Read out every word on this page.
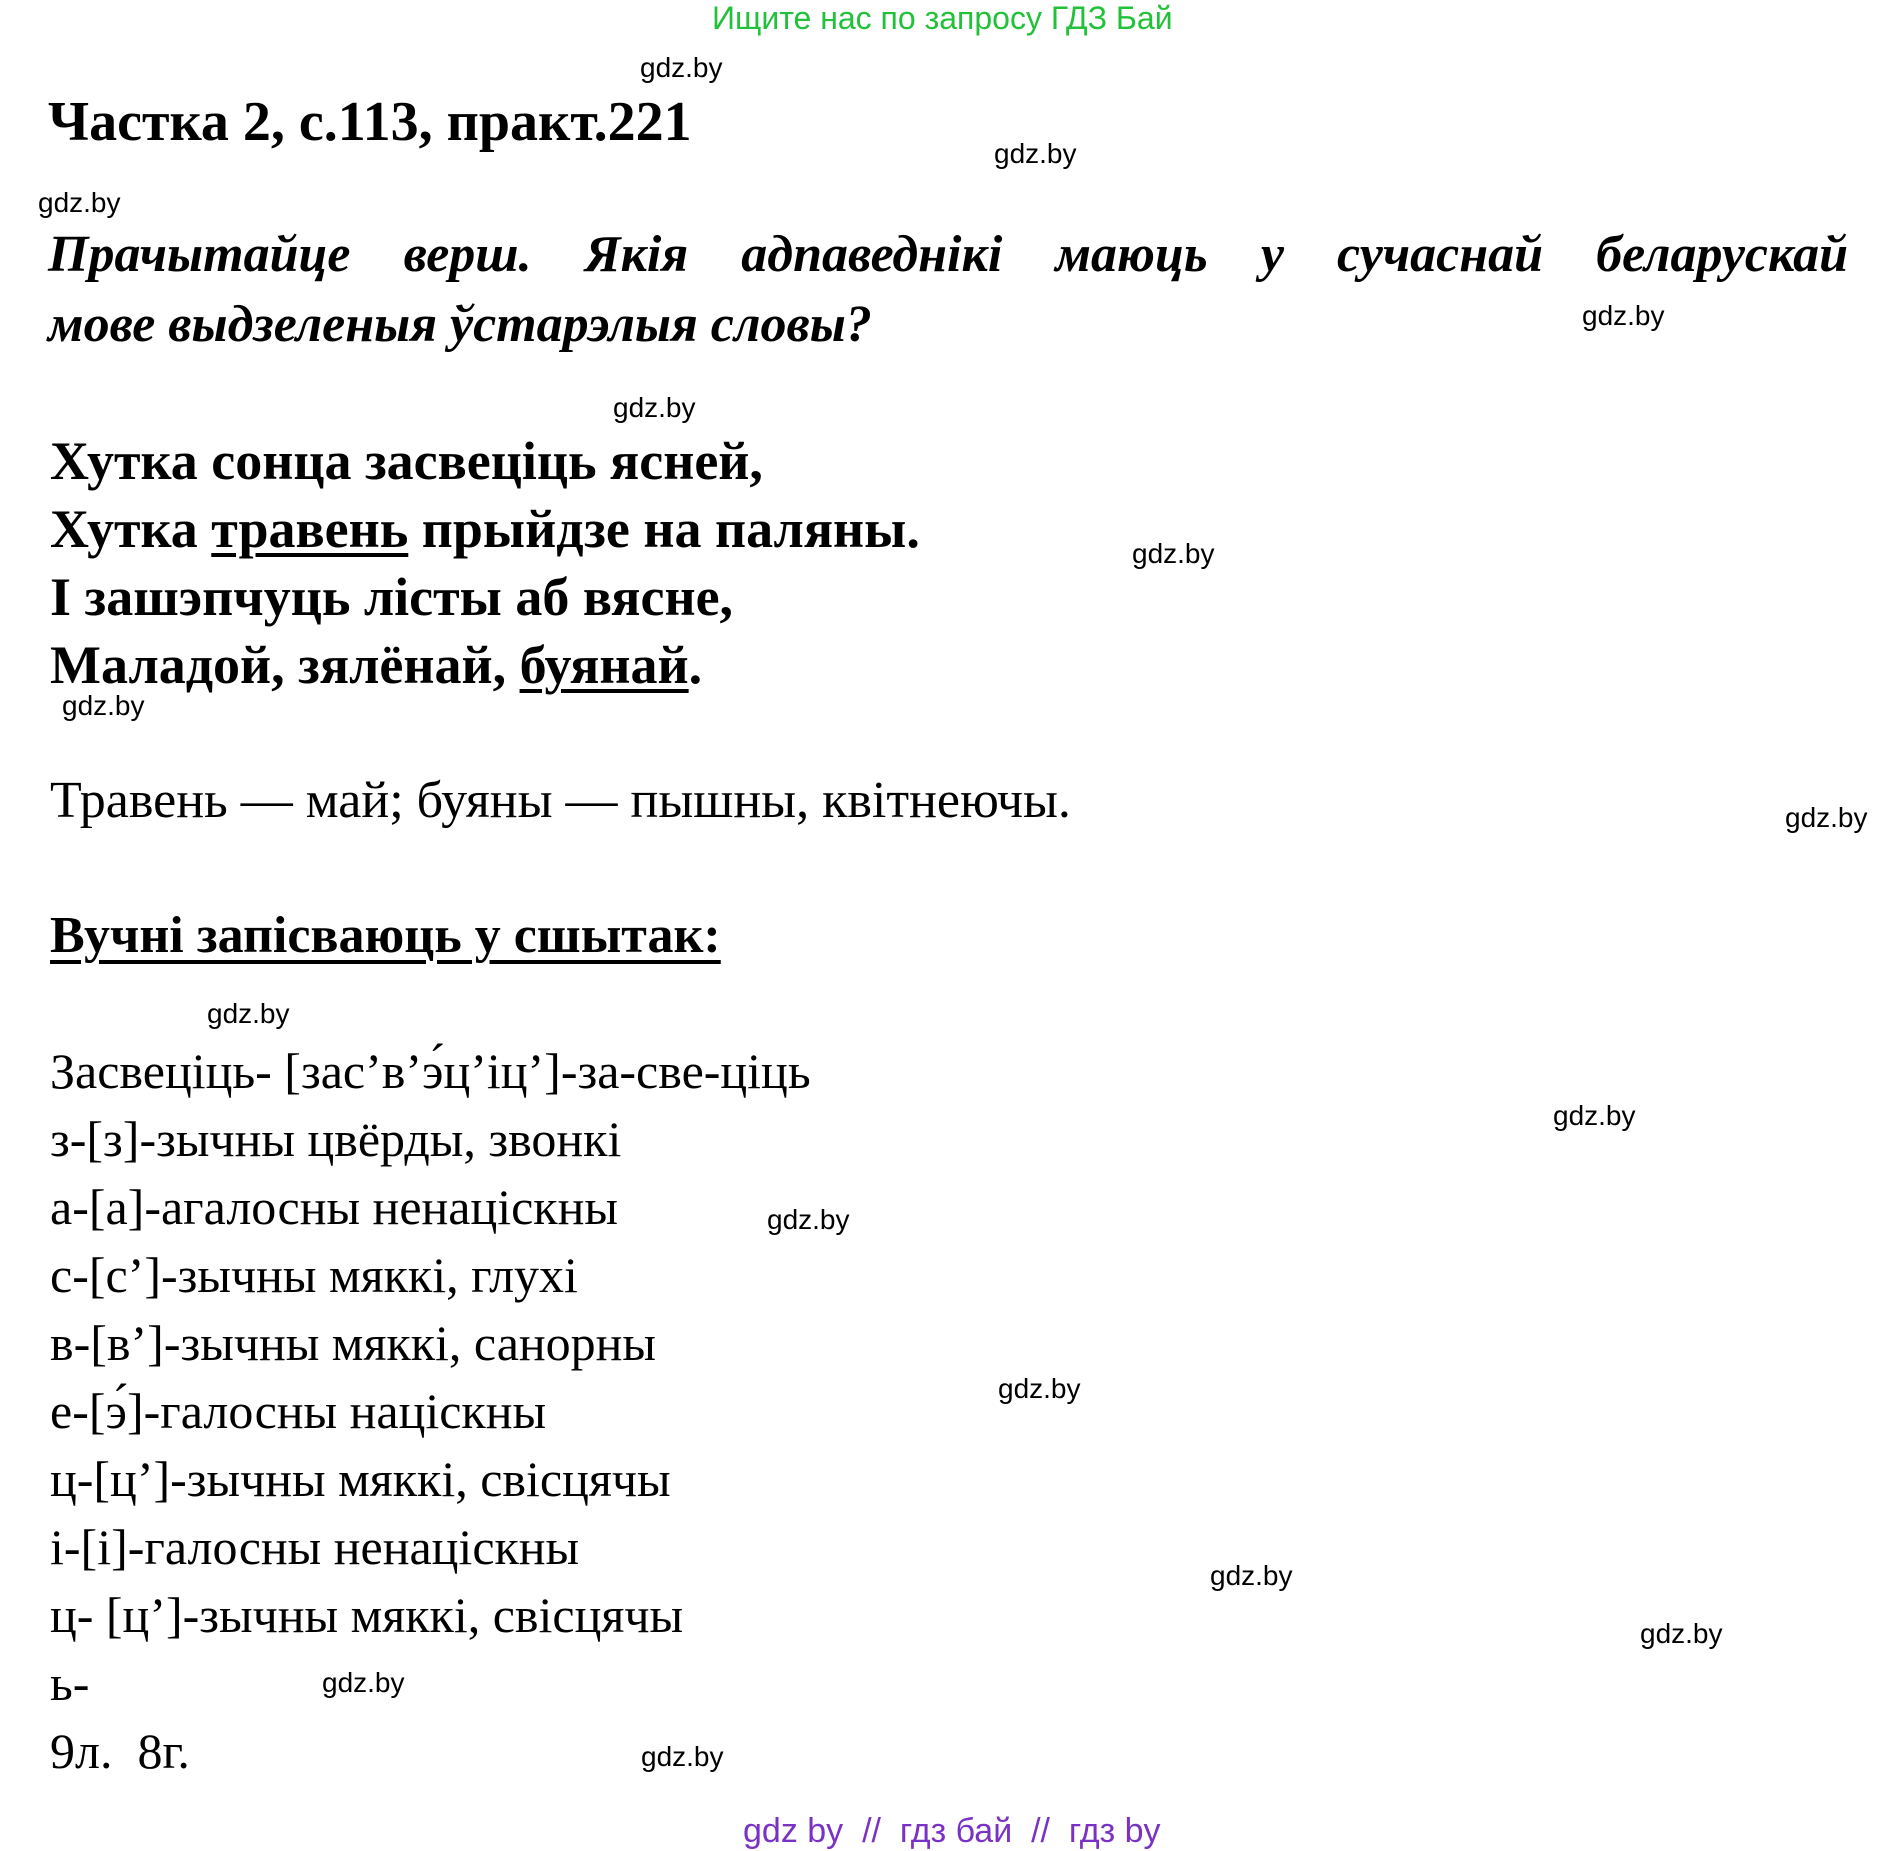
Ищите нас по запросу ГДЗ Бай
Частка 2, с.113, практ.221
Прачытайце верш. Якія адпаведнікі маюць у сучаснай беларускай
мове выдзеленыя ўстарэлыя словы?
Хутка сонца засвеціць ясней,
Хутка травень прыйдзе на паляны.
І зашэпчуць лісты аб вясне,
Маладой, зялёнай, буянай.
Травень — май; буяны — пышны, квітнеючы.
Вучні запісваюць у сшытак:
Засвеціць- [зас’в’э́ц’іц’]-за-све-ціць
з-[з]-зычны цвёрды, звонкі
а-[а]-агалосны ненаціскны
с-[с’]-зычны мяккі, глухі
в-[в’]-зычны мяккі, санорны
е-[э́]-галосны націскны
ц-[ц’]-зычны мяккі, свісцячы
і-[і]-галосны ненаціскны
ц- [ц’]-зычны мяккі, свісцячы
ь-
9л.  8г.
gdz.by
gdz.by
gdz.by
gdz.by
gdz.by
gdz.by
gdz.by
gdz.by
gdz.by
gdz.by
gdz.by
gdz.by
gdz.by
gdz.by
gdz.by
gdz.by
gdz by  //  гдз бай  //  гдз by
